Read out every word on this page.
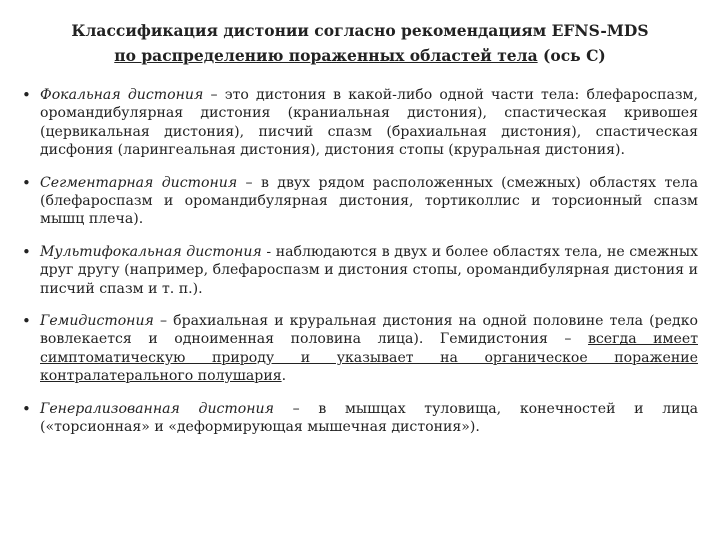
Классификация дистонии согласно рекомендациям EFNS-MDS
по распределению пораженных областей тела (ось С)
• Фокальная дистония – это дистония в какой-либо одной части тела: блефароспазм, оромандибулярная дистония (краниальная дистония), спастическая кривошея (цервикальная дистония), писчий спазм (брахиальная дистония), спастическая дисфония (ларингеальная дистония), дистония стопы (круральная дистония).
• Сегментарная дистония – в двух рядом расположенных (смежных) областях тела (блефароспазм и оромандибулярная дистония, тортиколлис и торсионный спазм мышц плеча).
• Мультифокальная дистония - наблюдаются в двух и более областях тела, не смежных друг другу (например, блефароспазм и дистония стопы, оромандибулярная дистония и писчий спазм и т. п.).
• Гемидистония – брахиальная и круральная дистония на одной половине тела (редко вовлекается и одноименная половина лица). Гемидистония – всегда имеет симптоматическую природу и указывает на органическое поражение контралатерального полушария.
• Генерализованная дистония – в мышцах туловища, конечностей и лица («торсионная» и «деформирующая мышечная дистония»).
